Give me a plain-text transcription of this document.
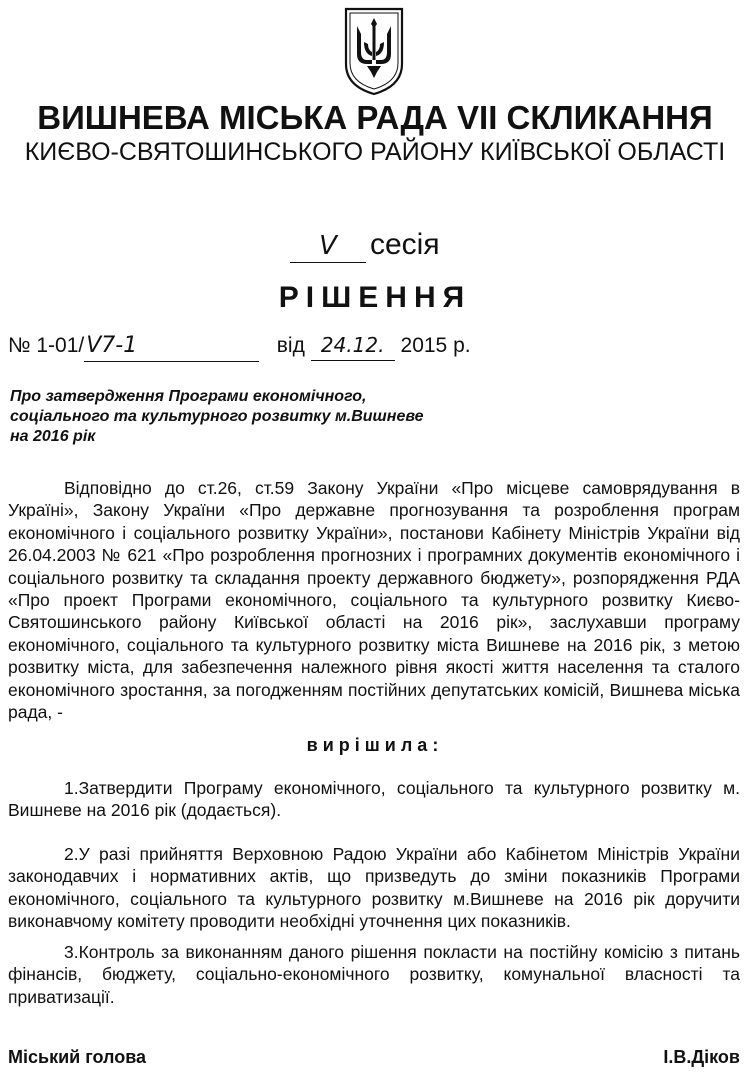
ВИШНЕВА МІСЬКА РАДА VII СКЛИКАННЯ
КИЄВО-СВЯТОШИНСЬКОГО РАЙОНУ КИЇВСЬКОЇ ОБЛАСТІ
V сесія
РІШЕННЯ
№ 1-01/V7-1	від 24.12. 2015 р.
Про затвердження Програми економічного,
соціального та культурного розвитку м.Вишневе
на 2016 рік
Відповідно до ст.26, ст.59 Закону України «Про місцеве самоврядування в Україні», Закону України «Про державне прогнозування та розроблення програм економічного і соціального розвитку України», постанови Кабінету Міністрів України від 26.04.2003 № 621 «Про розроблення прогнозних і програмних документів економічного і соціального розвитку та складання проекту державного бюджету», розпорядження РДА «Про проект Програми економічного, соціального та культурного розвитку Києво-Святошинського району Київської області на 2016 рік», заслухавши програму економічного, соціального та культурного розвитку міста Вишневе на 2016 рік, з метою розвитку міста, для забезпечення належного рівня якості життя населення та сталого економічного зростання, за погодженням постійних депутатських комісій, Вишнева міська рада, -
вирішила:
1.Затвердити Програму економічного, соціального та культурного розвитку м. Вишневе на 2016 рік (додається).
2.У разі прийняття Верховною Радою України або Кабінетом Міністрів України законодавчих і нормативних актів, що призведуть до зміни показників Програми економічного, соціального та культурного розвитку м.Вишневе на 2016 рік доручити виконавчому комітету проводити необхідні уточнення цих показників.
3.Контроль за виконанням даного рішення покласти на постійну комісію з питань фінансів, бюджету, соціально-економічного розвитку, комунальної власності та приватизації.
Міський голова	І.В.Діков
